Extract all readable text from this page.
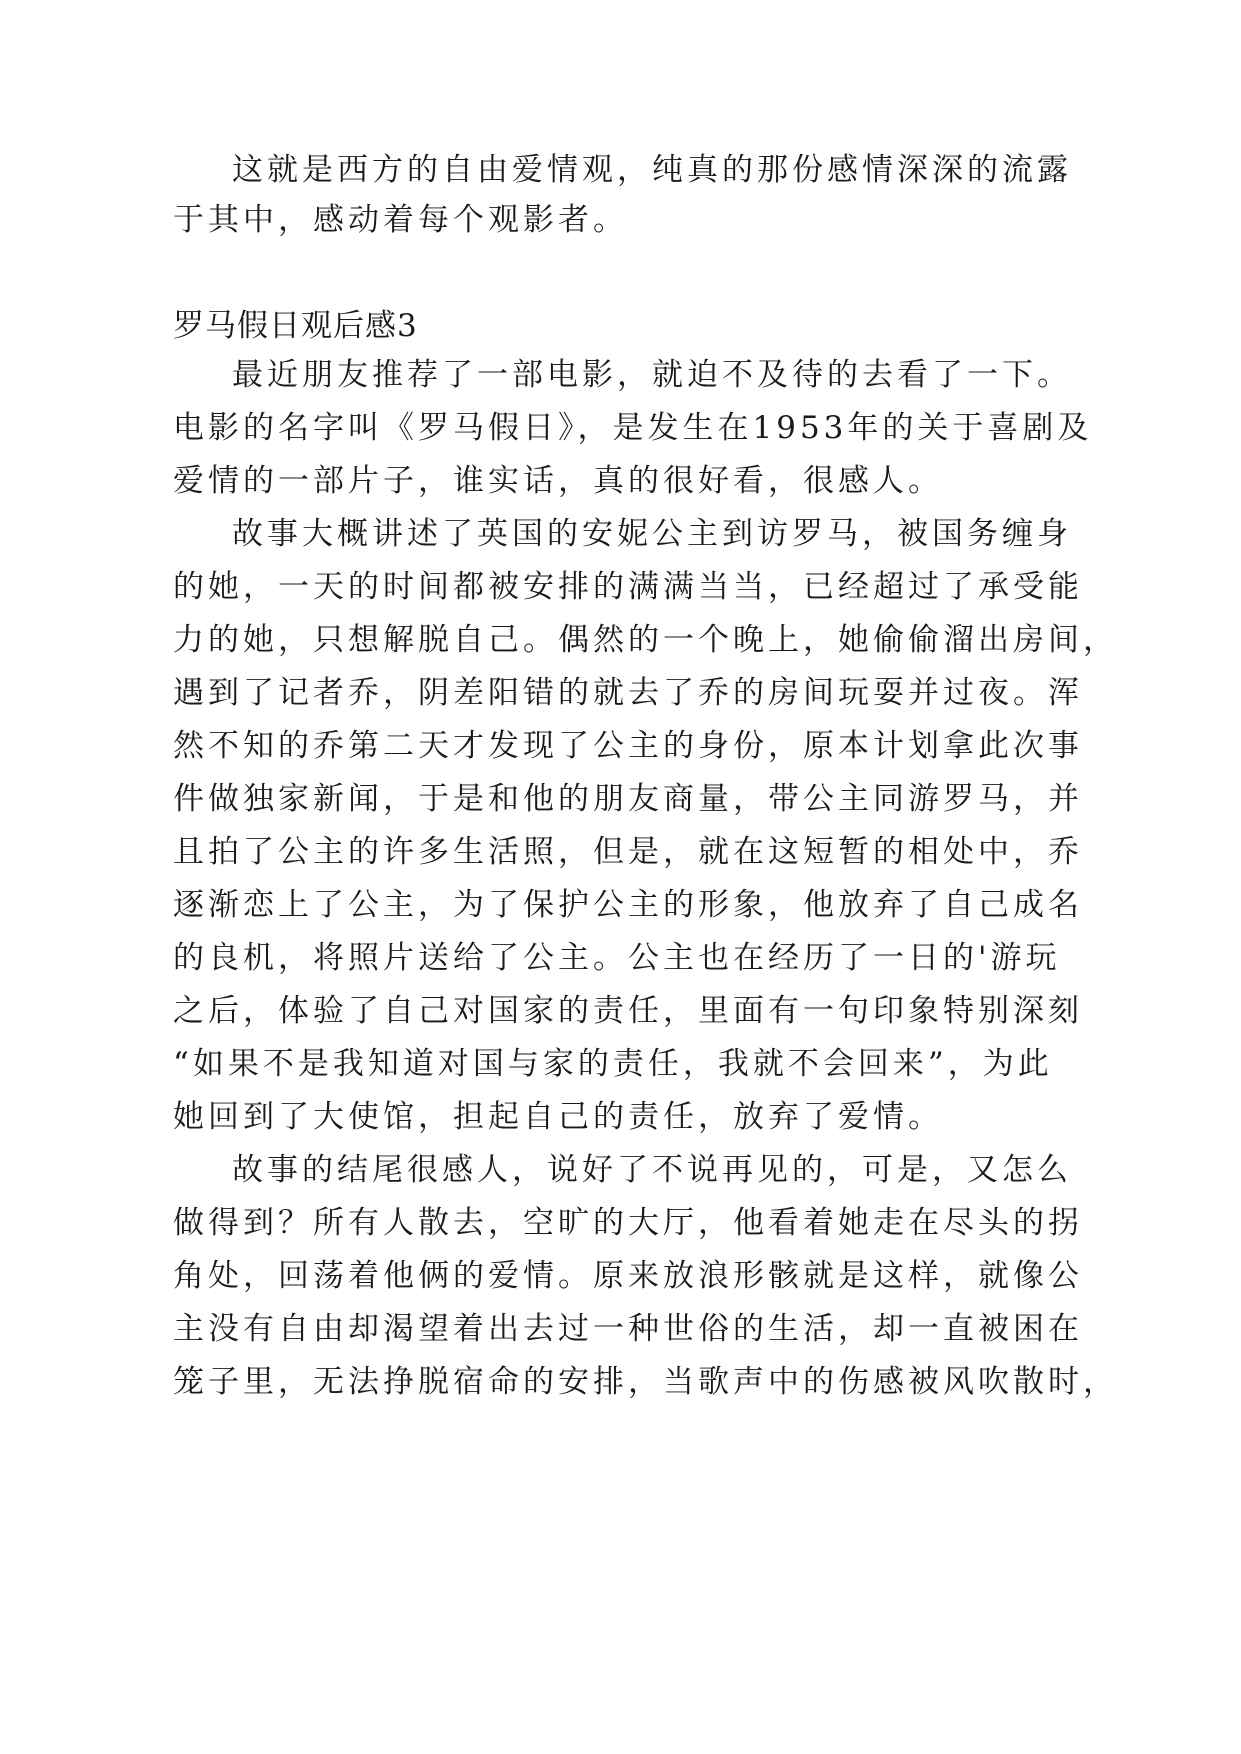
这就是西方的自由爱情观，纯真的那份感情深深的流露
于其中，感动着每个观影者。
罗马假日观后感3
最近朋友推荐了一部电影，就迫不及待的去看了一下。
电影的名字叫《罗马假日》，是发生在1953年的关于喜剧及
爱情的一部片子，谁实话，真的很好看，很感人。
故事大概讲述了英国的安妮公主到访罗马，被国务缠身
的她，一天的时间都被安排的满满当当，已经超过了承受能
力的她，只想解脱自己。偶然的一个晚上，她偷偷溜出房间，
遇到了记者乔，阴差阳错的就去了乔的房间玩耍并过夜。浑
然不知的乔第二天才发现了公主的身份，原本计划拿此次事
件做独家新闻，于是和他的朋友商量，带公主同游罗马，并
且拍了公主的许多生活照，但是，就在这短暂的相处中，乔
逐渐恋上了公主，为了保护公主的形象，他放弃了自己成名
的良机，将照片送给了公主。公主也在经历了一日的'游玩
之后，体验了自己对国家的责任，里面有一句印象特别深刻
“如果不是我知道对国与家的责任，我就不会回来”，为此
她回到了大使馆，担起自己的责任，放弃了爱情。
故事的结尾很感人，说好了不说再见的，可是，又怎么
做得到？所有人散去，空旷的大厅，他看着她走在尽头的拐
角处，回荡着他俩的爱情。原来放浪形骸就是这样，就像公
主没有自由却渴望着出去过一种世俗的生活，却一直被困在
笼子里，无法挣脱宿命的安排，当歌声中的伤感被风吹散时，
